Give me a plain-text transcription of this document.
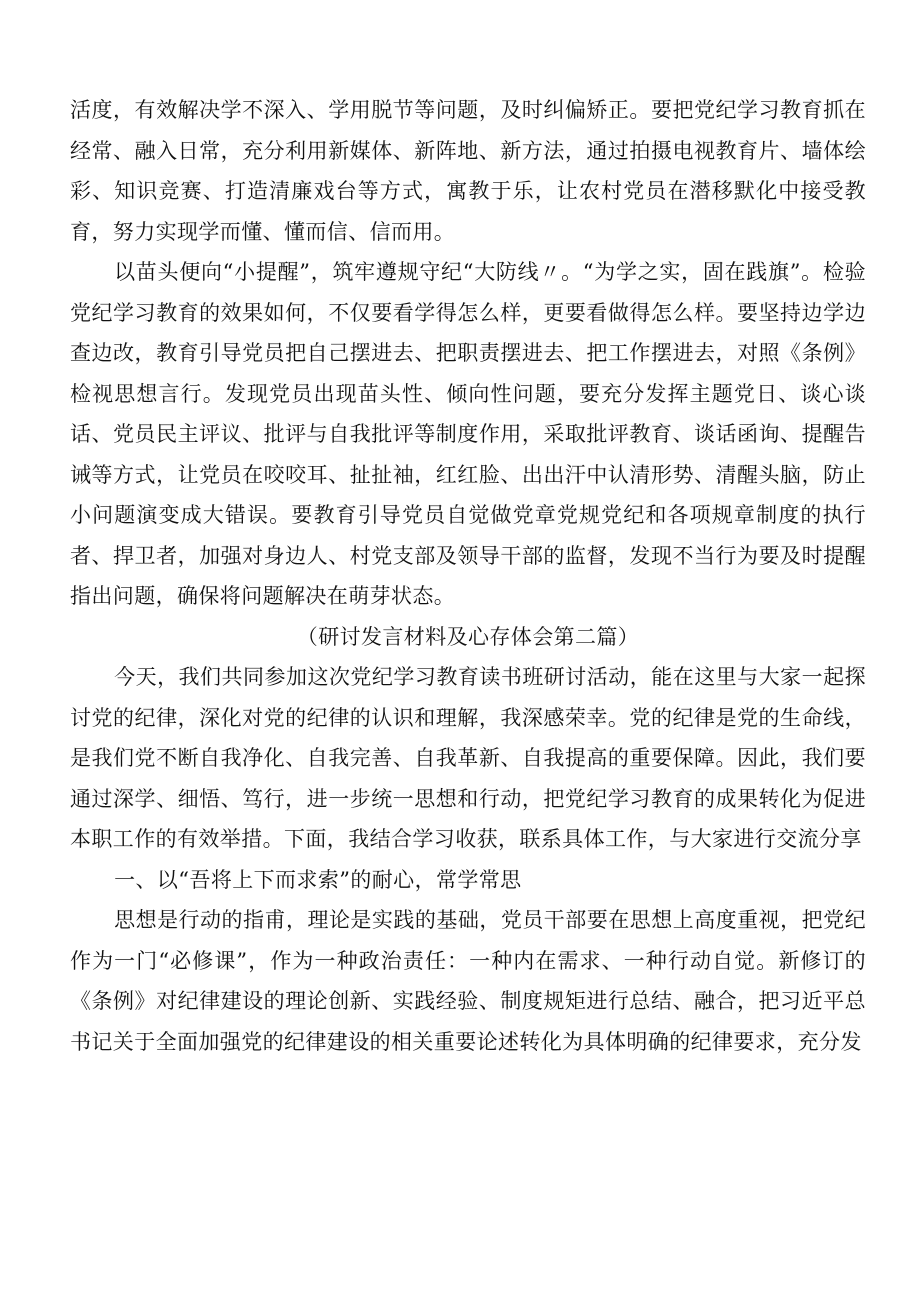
活度，有效解决学不深入、学用脱节等问题，及时纠偏矫正。要把党纪学习教育抓在经常、融入日常，充分利用新媒体、新阵地、新方法，通过拍摄电视教育片、墙体绘彩、知识竞赛、打造清廉戏台等方式，寓教于乐，让农村党员在潜移默化中接受教育，努力实现学而懂、懂而信、信而用。

以苗头便向“小提醒”，筑牢遵规守纪“大防线〃。“为学之实，固在践旗”。检验党纪学习教育的效果如何，不仅要看学得怎么样，更要看做得怎么样。要坚持边学边查边改，教育引导党员把自己摆进去、把职责摆进去、把工作摆进去，对照《条例》检视思想言行。发现党员出现苗头性、倾向性问题，要充分发挥主题党日、谈心谈话、党员民主评议、批评与自我批评等制度作用，采取批评教育、谈话函询、提醒告诫等方式，让党员在咬咬耳、扯扯袖，红红脸、出出汗中认清形势、清醒头脑，防止小问题演变成大错误。要教育引导党员自觉做党章党规党纪和各项规章制度的执行者、捍卫者，加强对身边人、村党支部及领导干部的监督，发现不当行为要及时提醒指出问题，确保将问题解决在萌芽状态。

（研讨发言材料及心存体会第二篇）

今天，我们共同参加这次党纪学习教育读书班研讨活动，能在这里与大家一起探讨党的纪律，深化对党的纪律的认识和理解，我深感荣幸。党的纪律是党的生命线，是我们党不断自我净化、自我完善、自我革新、自我提高的重要保障。因此，我们要通过深学、细悟、笃行，进一步统一思想和行动，把党纪学习教育的成果转化为促进本职工作的有效举措。下面，我结合学习收获，联系具体工作，与大家进行交流分享

一、以“吾将上下而求索”的耐心，常学常思

思想是行动的指甫，理论是实践的基础，党员干部要在思想上高度重视，把党纪作为一门“必修课”，作为一种政治责任：一种内在需求、一种行动自觉。新修订的《条例》对纪律建设的理论创新、实践经验、制度规矩进行总结、融合，把习近平总书记关于全面加强党的纪律建设的相关重要论述转化为具体明确的纪律要求，充分发
